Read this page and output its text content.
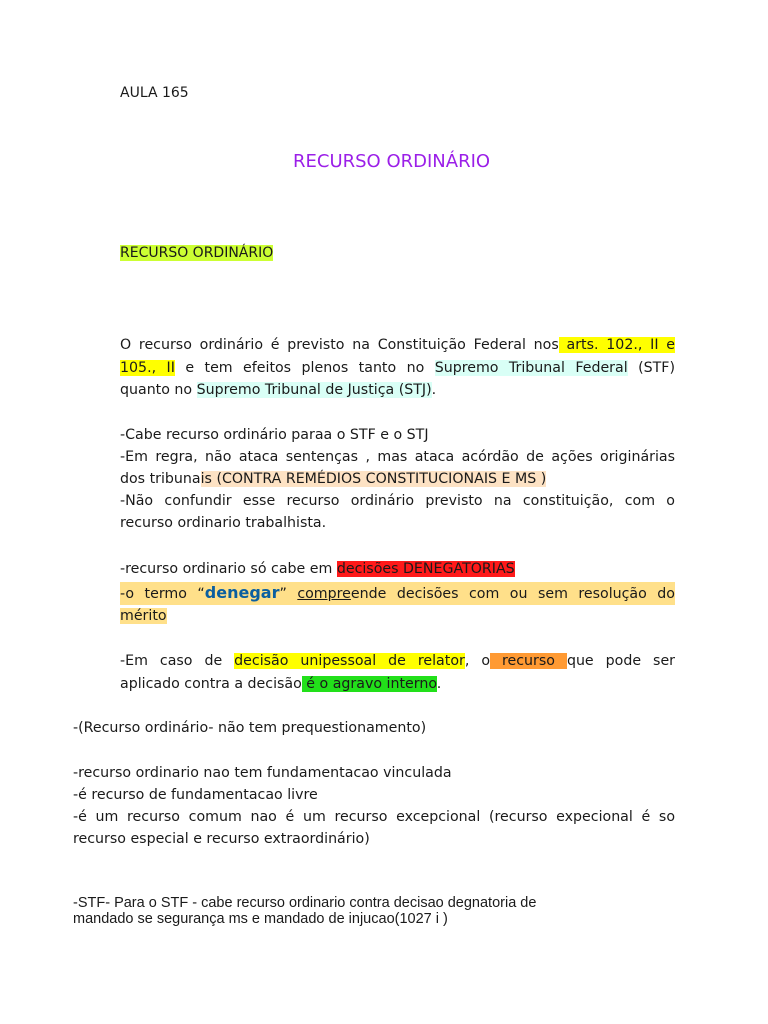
AULA 165
RECURSO ORDINÁRIO
RECURSO ORDINÁRIO
O recurso ordinário é previsto na Constituição Federal nos arts. 102., II e
105., II e tem efeitos plenos tanto no Supremo Tribunal Federal (STF)
quanto no Supremo Tribunal de Justiça (STJ).
-Cabe recurso ordinário paraa o STF e o STJ
-Em regra, não ataca sentenças , mas ataca acórdão de ações originárias
dos tribunais (CONTRA REMÉDIOS CONSTITUCIONAIS E MS )
-Não confundir esse recurso ordinário previsto na constituição, com o
recurso ordinario trabalhista.
-recurso ordinario só cabe em decisões DENEGATORIAS
-o termo “denegar” compreende decisões com ou sem resolução do
mérito
-Em caso de decisão unipessoal de relator, o recurso que pode ser
aplicado contra a decisão é o agravo interno.
-(Recurso ordinário- não tem prequestionamento)
-recurso ordinario nao tem fundamentacao vinculada
-é recurso de fundamentacao livre
-é um recurso comum nao é um recurso excepcional (recurso expecional é so
recurso especial e recurso extraordinário)
-STF- Para o STF - cabe recurso ordinario contra decisao degnatoria de
mandado se segurança ms e mandado de injucao(1027 i )
